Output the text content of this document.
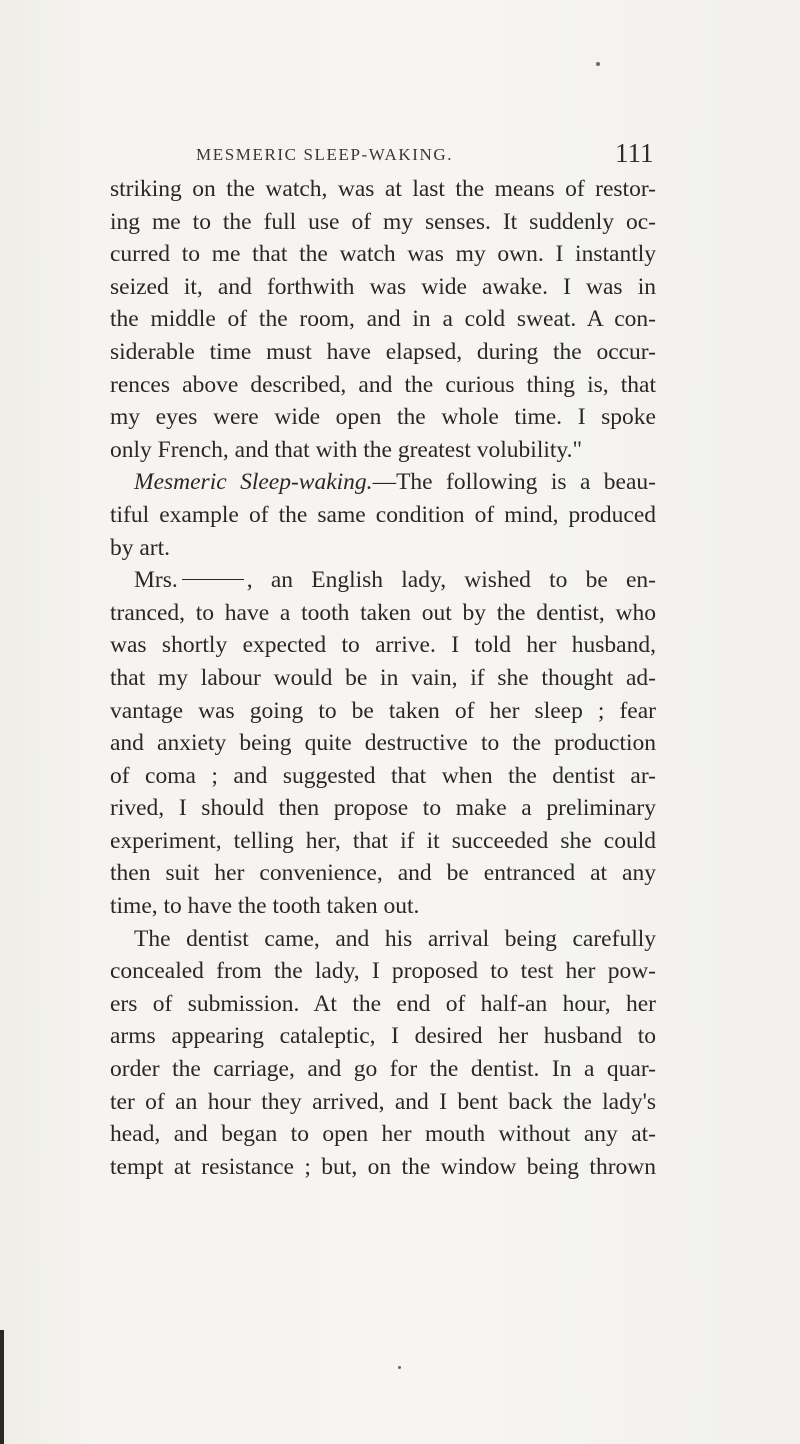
MESMERIC SLEEP-WAKING.	111
striking on the watch, was at last the means of restor-
ing me to the full use of my senses. It suddenly oc-
curred to me that the watch was my own. I instantly
seized it, and forthwith was wide awake. I was in
the middle of the room, and in a cold sweat. A con-
siderable time must have elapsed, during the occur-
rences above described, and the curious thing is, that
my eyes were wide open the whole time. I spoke
only French, and that with the greatest volubility."
Mesmeric Sleep-waking.—The following is a beau-
tiful example of the same condition of mind, produced
by art.
Mrs.	, an English lady, wished to be en-
tranced, to have a tooth taken out by the dentist, who
was shortly expected to arrive. I told her husband,
that my labour would be in vain, if she thought ad-
vantage was going to be taken of her sleep ; fear
and anxiety being quite destructive to the production
of coma ; and suggested that when the dentist ar-
rived, I should then propose to make a preliminary
experiment, telling her, that if it succeeded she could
then suit her convenience, and be entranced at any
time, to have the tooth taken out.
The dentist came, and his arrival being carefully
concealed from the lady, I proposed to test her pow-
ers of submission. At the end of half-an hour, her
arms appearing cataleptic, I desired her husband to
order the carriage, and go for the dentist. In a quar-
ter of an hour they arrived, and I bent back the lady's
head, and began to open her mouth without any at-
tempt at resistance ; but, on the window being thrown
